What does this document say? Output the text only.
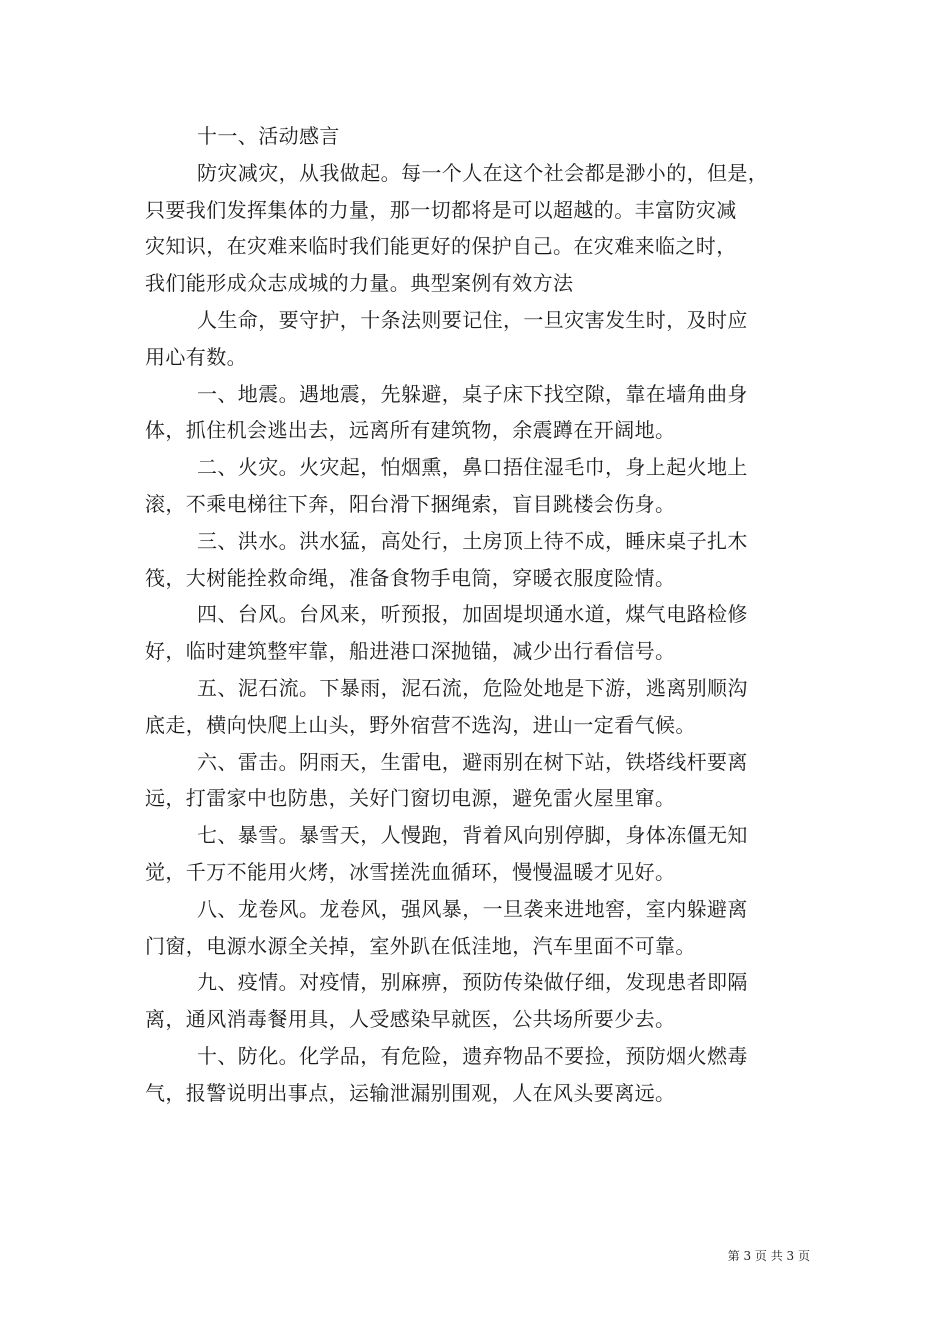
十一、活动感言
防灾减灾，从我做起。每一个人在这个社会都是渺小的，但是，
只要我们发挥集体的力量，那一切都将是可以超越的。丰富防灾减
灾知识，在灾难来临时我们能更好的保护自己。在灾难来临之时，
我们能形成众志成城的力量。典型案例有效方法
人生命，要守护，十条法则要记住，一旦灾害发生时，及时应
用心有数。
一、地震。遇地震，先躲避，桌子床下找空隙，靠在墙角曲身
体，抓住机会逃出去，远离所有建筑物，余震蹲在开阔地。
二、火灾。火灾起，怕烟熏，鼻口捂住湿毛巾，身上起火地上
滚，不乘电梯往下奔，阳台滑下捆绳索，盲目跳楼会伤身。
三、洪水。洪水猛，高处行，土房顶上待不成，睡床桌子扎木
筏，大树能拴救命绳，准备食物手电筒，穿暖衣服度险情。
四、台风。台风来，听预报，加固堤坝通水道，煤气电路检修
好，临时建筑整牢靠，船进港口深抛锚，减少出行看信号。
五、泥石流。下暴雨，泥石流，危险处地是下游，逃离别顺沟
底走，横向快爬上山头，野外宿营不选沟，进山一定看气候。
六、雷击。阴雨天，生雷电，避雨别在树下站，铁塔线杆要离
远，打雷家中也防患，关好门窗切电源，避免雷火屋里窜。
七、暴雪。暴雪天，人慢跑，背着风向别停脚，身体冻僵无知
觉，千万不能用火烤，冰雪搓洗血循环，慢慢温暖才见好。
八、龙卷风。龙卷风，强风暴，一旦袭来进地窖，室内躲避离
门窗，电源水源全关掉，室外趴在低洼地，汽车里面不可靠。
九、疫情。对疫情，别麻痹，预防传染做仔细，发现患者即隔
离，通风消毒餐用具，人受感染早就医，公共场所要少去。
十、防化。化学品，有危险，遗弃物品不要捡，预防烟火燃毒
气，报警说明出事点，运输泄漏别围观，人在风头要离远。
第 3 页 共 3 页
